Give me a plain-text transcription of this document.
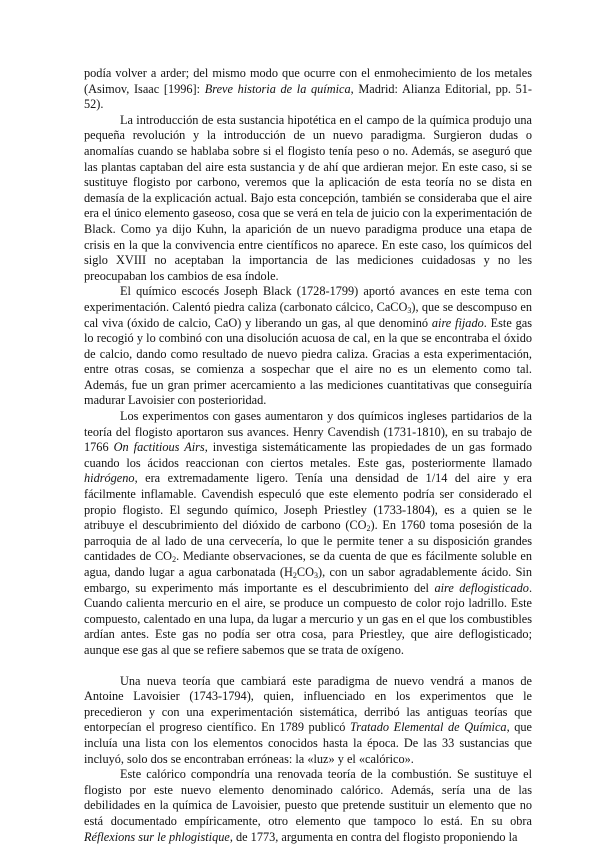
podía volver a arder; del mismo modo que ocurre con el enmohecimiento de los metales (Asimov, Isaac [1996]: Breve historia de la química, Madrid: Alianza Editorial, pp. 51-52).

La introducción de esta sustancia hipotética en el campo de la química produjo una pequeña revolución y la introducción de un nuevo paradigma. Surgieron dudas o anomalías cuando se hablaba sobre si el flogisto tenía peso o no. Además, se aseguró que las plantas captaban del aire esta sustancia y de ahí que ardieran mejor. En este caso, si se sustituye flogisto por carbono, veremos que la aplicación de esta teoría no se dista en demasía de la explicación actual. Bajo esta concepción, también se consideraba que el aire era el único elemento gaseoso, cosa que se verá en tela de juicio con la experimentación de Black. Como ya dijo Kuhn, la aparición de un nuevo paradigma produce una etapa de crisis en la que la convivencia entre científicos no aparece. En este caso, los químicos del siglo XVIII no aceptaban la importancia de las mediciones cuidadosas y no les preocupaban los cambios de esa índole.

El químico escocés Joseph Black (1728-1799) aportó avances en este tema con experimentación. Calentó piedra caliza (carbonato cálcico, CaCO$_3$), que se descompuso en cal viva (óxido de calcio, CaO) y liberando un gas, al que denominó aire fijado. Este gas lo recogió y lo combinó con una disolución acuosa de cal, en la que se encontraba el óxido de calcio, dando como resultado de nuevo piedra caliza. Gracias a esta experimentación, entre otras cosas, se comienza a sospechar que el aire no es un elemento como tal. Además, fue un gran primer acercamiento a las mediciones cuantitativas que conseguiría madurar Lavoisier con posterioridad.

Los experimentos con gases aumentaron y dos químicos ingleses partidarios de la teoría del flogisto aportaron sus avances. Henry Cavendish (1731-1810), en su trabajo de 1766 On factitious Airs, investiga sistemáticamente las propiedades de un gas formado cuando los ácidos reaccionan con ciertos metales. Este gas, posteriormente llamado hidrógeno, era extremadamente ligero. Tenía una densidad de 1/14 del aire y era fácilmente inflamable. Cavendish especuló que este elemento podría ser considerado el propio flogisto. El segundo químico, Joseph Priestley (1733-1804), es a quien se le atribuye el descubrimiento del dióxido de carbono $(CO_2)$. En 1760 toma posesión de la parroquia de al lado de una cervecería, lo que le permite tener a su disposición grandes cantidades de $CO_2$. Mediante observaciones, se da cuenta de que es fácilmente soluble en agua, dando lugar a agua carbonatada $(H_2CO_3)$, con un sabor agradablemente ácido. Sin embargo, su experimento más importante es el descubrimiento del aire deflogisticado. Cuando calienta mercurio en el aire, se produce un compuesto de color rojo ladrillo. Este compuesto, calentado en una lupa, da lugar a mercurio y un gas en el que los combustibles ardían antes. Este gas no podía ser otra cosa, para Priestley, que aire deflogisticado; aunque ese gas al que se refiere sabemos que se trata de oxígeno.

Una nueva teoría que cambiará este paradigma de nuevo vendrá a manos de Antoine Lavoisier (1743-1794), quien, influenciado en los experimentos que le precedieron y con una experimentación sistemática, derribó las antiguas teorías que entorpecían el progreso científico. En 1789 publicó Tratado Elemental de Química, que incluía una lista con los elementos conocidos hasta la época. De las 33 sustancias que incluyó, solo dos se encontraban erróneas: la «luz» y el «calórico».

Este calórico compondría una renovada teoría de la combustión. Se sustituye el flogisto por este nuevo elemento denominado calórico. Además, sería una de las debilidades en la química de Lavoisier, puesto que pretende sustituir un elemento que no está documentado empíricamente, otro elemento que tampoco lo está. En su obra Réflexions sur le phlogistique, de 1773, argumenta en contra del flogisto proponiendo la
